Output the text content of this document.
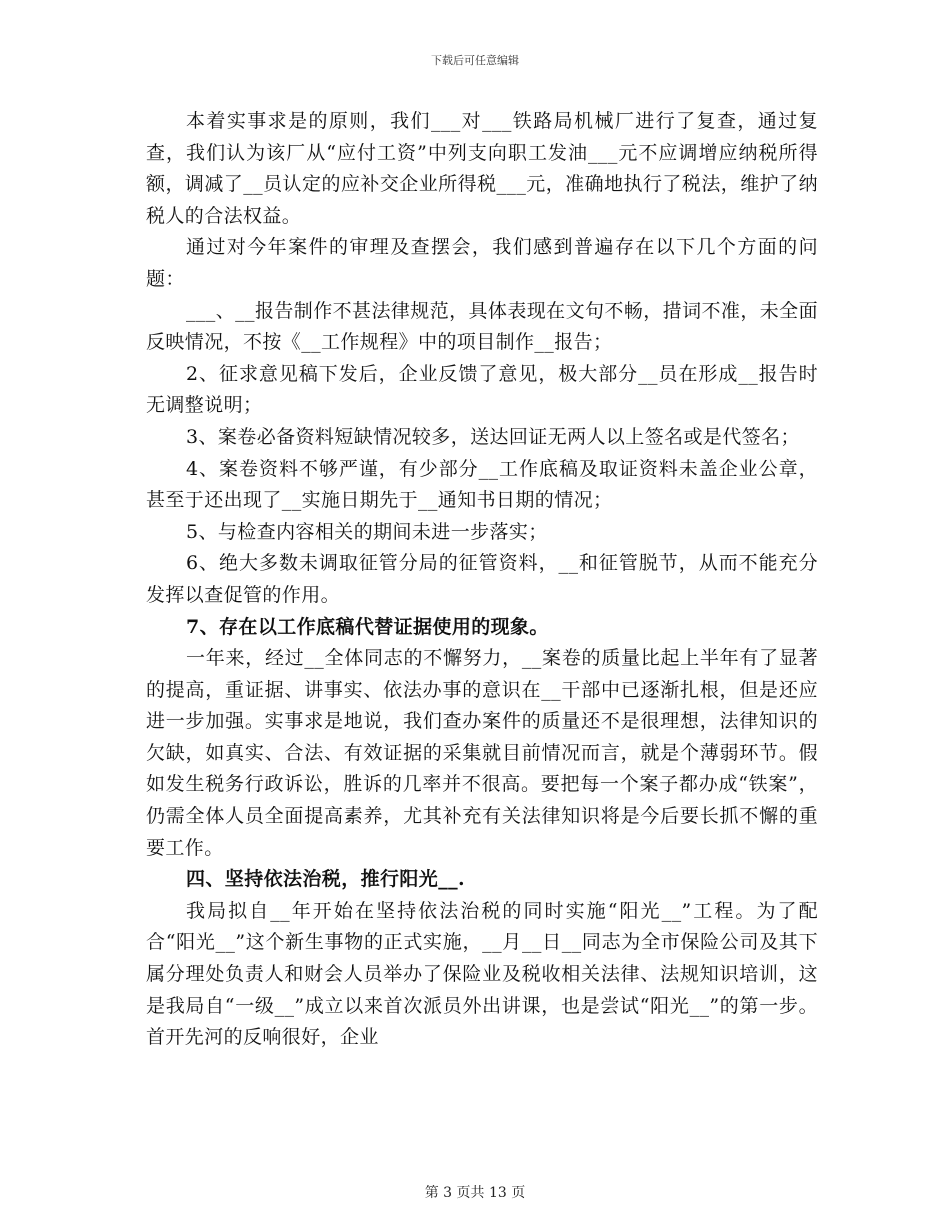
下载后可任意编辑

本着实事求是的原则，我们___对___铁路局机械厂进行了复查，通过复查，我们认为该厂从“应付工资”中列支向职工发油___元不应调增应纳税所得额，调减了__员认定的应补交企业所得税___元，准确地执行了税法，维护了纳税人的合法权益。

通过对今年案件的审理及查摆会，我们感到普遍存在以下几个方面的问题：

___、__报告制作不甚法律规范，具体表现在文句不畅，措词不准，未全面反映情况，不按《__工作规程》中的项目制作__报告；

2、征求意见稿下发后，企业反馈了意见，极大部分__员在形成__报告时无调整说明；

3、案卷必备资料短缺情况较多，送达回证无两人以上签名或是代签名；

4、案卷资料不够严谨，有少部分__工作底稿及取证资料未盖企业公章，甚至于还出现了__实施日期先于__通知书日期的情况；

5、与检查内容相关的期间未进一步落实；

6、绝大多数未调取征管分局的征管资料，__和征管脱节，从而不能充分发挥以查促管的作用。

7、存在以工作底稿代替证据使用的现象。

一年来，经过__全体同志的不懈努力，__案卷的质量比起上半年有了显著的提高，重证据、讲事实、依法办事的意识在__干部中已逐渐扎根，但是还应进一步加强。实事求是地说，我们查办案件的质量还不是很理想，法律知识的欠缺，如真实、合法、有效证据的采集就目前情况而言，就是个薄弱环节。假如发生税务行政诉讼，胜诉的几率并不很高。要把每一个案子都办成“铁案”，仍需全体人员全面提高素养，尤其补充有关法律知识将是今后要长抓不懈的重要工作。

四、坚持依法治税，推行阳光__.

我局拟自__年开始在坚持依法治税的同时实施“阳光__”工程。为了配合“阳光__”这个新生事物的正式实施，__月__日__同志为全市保险公司及其下属分理处负责人和财会人员举办了保险业及税收相关法律、法规知识培训，这是我局自“一级__”成立以来首次派员外出讲课，也是尝试“阳光__”的第一步。首开先河的反响很好，企业

第 3 页共 13 页
